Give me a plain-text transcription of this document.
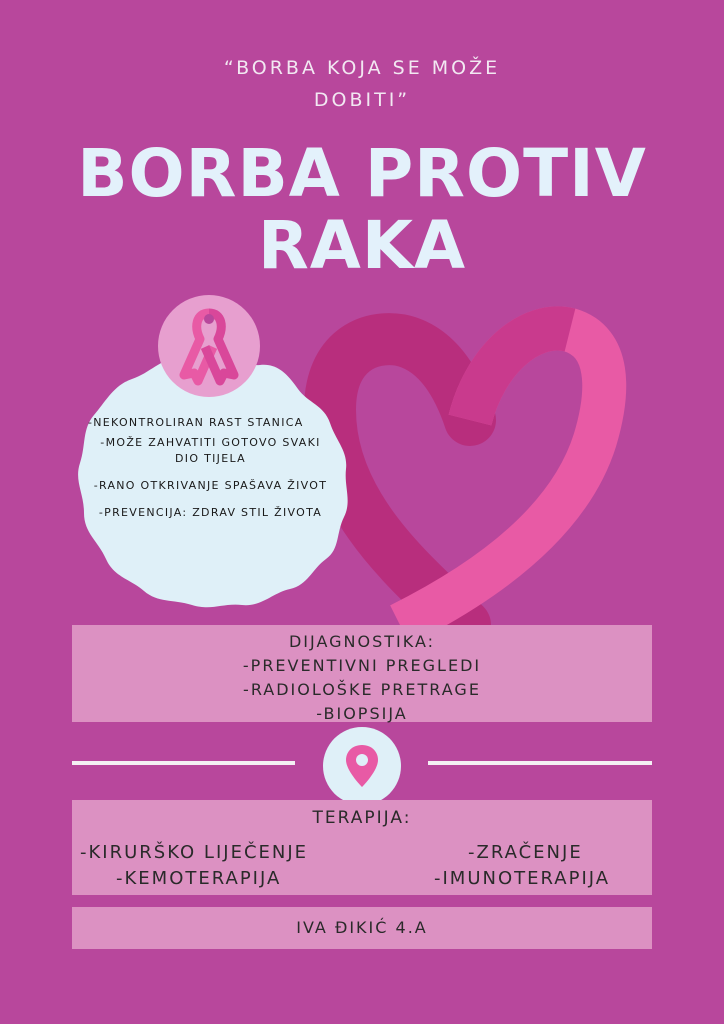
“BORBA KOJA SE MOŽE
DOBITI”
BORBA PROTIV
RAKA
-NEKONTROLIRAN RAST STANICA
-MOŽE ZAHVATITI GOTOVO SVAKI DIO TIJELA
-RANO OTKRIVANJE SPAŠAVA ŽIVOT
-PREVENCIJA: ZDRAV STIL ŽIVOTA
DIJAGNOSTIKA:
-PREVENTIVNI PREGLEDI
-RADIOLOŠKE PRETRAGE
-BIOPSIJA
TERAPIJA:
-KIRURŠKO LIJEČENJE	-ZRAČENJE
-KEMOTERAPIJA	-IMUNOTERAPIJA
IVA ĐIKIĆ 4.A
